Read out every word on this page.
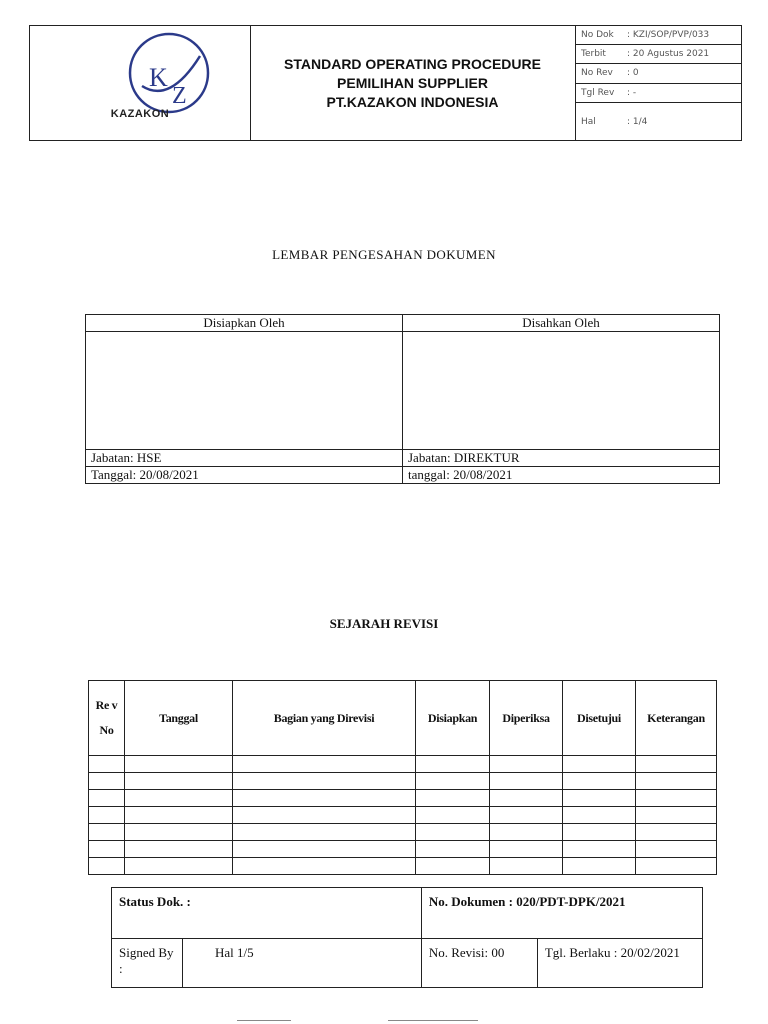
K
Z
KAZAKON
STANDARD OPERATING PROCEDURE
PEMILIHAN SUPPLIER
PT.KAZAKON INDONESIA
No Dok	: KZI/SOP/PVP/033
Terbit	: 20 Agustus 2021
No Rev	: 0
Tgl Rev	: -
Hal	: 1/4
LEMBAR PENGESAHAN DOKUMEN
Disiapkan Oleh	Disahkan Oleh

Jabatan: HSE	Jabatan: DIREKTUR
Tanggal: 20/08/2021	tanggal: 20/08/2021
SEJARAH REVISI
Re v No	Tanggal	Bagian yang Direvisi	Disiapkan	Diperiksa	Disetujui	Keterangan

Status Dok. :		No. Dokumen : 020/PDT-DPK/2021	
Signed By :	Hal 1/5	No. Revisi: 00	Tgl. Berlaku : 20/02/2021
